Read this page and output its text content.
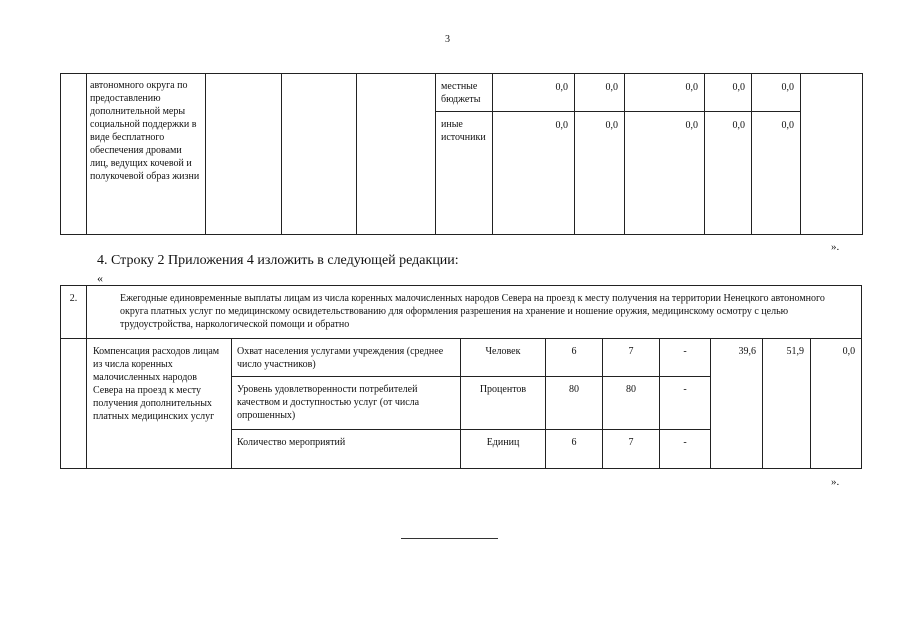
3
	автономного округа по предоставлению дополнительной меры социальной поддержки в виде бесплатного обеспечения дровами лиц, ведущих кочевой и полукочевой образ жизни				местные бюджеты	0,0	0,0	0,0	0,0	0,0	
					иные источники	0,0	0,0	0,0	0,0	0,0	
».
4. Строку 2 Приложения 4 изложить в следующей редакции:
«
2.	Ежегодные единовременные выплаты лицам из числа коренных малочисленных народов Севера на проезд к месту получения на территории Ненецкого автономного округа платных услуг по медицинскому освидетельствованию для оформления разрешения на хранение и ношение оружия, медицинскому осмотру с целью трудоустройства, наркологической помощи и обратно								
	Компенсация расходов лицам из числа коренных малочисленных народов Севера на проезд к месту получения дополнительных платных медицинских услуг	Охват населения услугами учреждения (среднее число участников)	Человек	6	7	-	39,6	51,9	0,0
		Уровень удовлетворенности потребителей качеством и доступностью услуг (от числа опрошенных)	Процентов	80	80	-			
		Количество мероприятий	Единиц	6	7	-			
».
